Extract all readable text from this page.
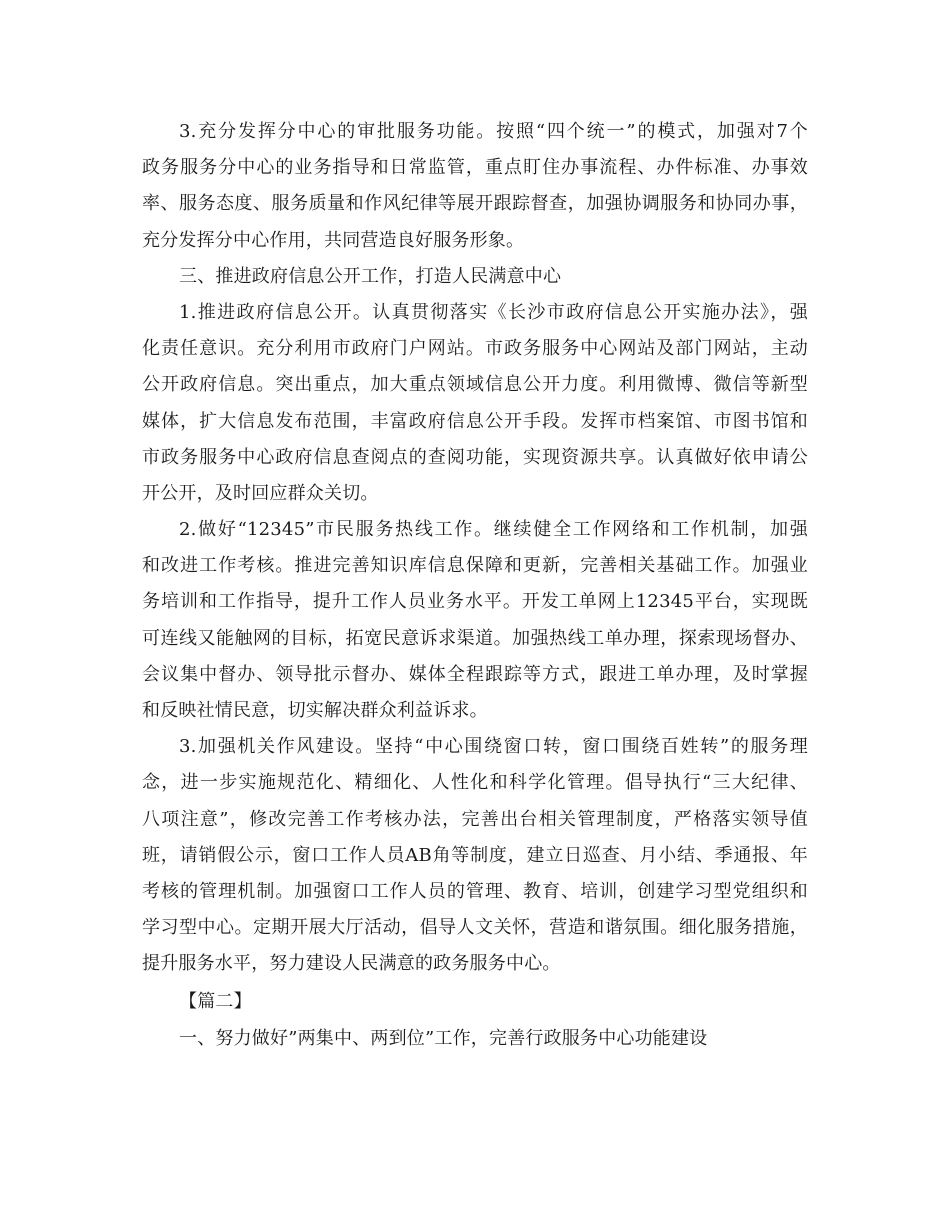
3.充分发挥分中心的审批服务功能。按照“四个统一”的模式，加强对7个
政务服务分中心的业务指导和日常监管，重点盯住办事流程、办件标准、办事效
率、服务态度、服务质量和作风纪律等展开跟踪督查，加强协调服务和协同办事，
充分发挥分中心作用，共同营造良好服务形象。
三、推进政府信息公开工作，打造人民满意中心
1.推进政府信息公开。认真贯彻落实《长沙市政府信息公开实施办法》，强
化责任意识。充分利用市政府门户网站。市政务服务中心网站及部门网站，主动
公开政府信息。突出重点，加大重点领域信息公开力度。利用微博、微信等新型
媒体，扩大信息发布范围，丰富政府信息公开手段。发挥市档案馆、市图书馆和
市政务服务中心政府信息查阅点的查阅功能，实现资源共享。认真做好依申请公
开公开，及时回应群众关切。
2.做好“12345”市民服务热线工作。继续健全工作网络和工作机制，加强
和改进工作考核。推进完善知识库信息保障和更新，完善相关基础工作。加强业
务培训和工作指导，提升工作人员业务水平。开发工单网上12345平台，实现既
可连线又能触网的目标，拓宽民意诉求渠道。加强热线工单办理，探索现场督办、
会议集中督办、领导批示督办、媒体全程跟踪等方式，跟进工单办理，及时掌握
和反映社情民意，切实解决群众利益诉求。
3.加强机关作风建设。坚持“中心围绕窗口转，窗口围绕百姓转”的服务理
念，进一步实施规范化、精细化、人性化和科学化管理。倡导执行“三大纪律、
八项注意”，修改完善工作考核办法，完善出台相关管理制度，严格落实领导值
班，请销假公示，窗口工作人员AB角等制度，建立日巡查、月小结、季通报、年
考核的管理机制。加强窗口工作人员的管理、教育、培训，创建学习型党组织和
学习型中心。定期开展大厅活动，倡导人文关怀，营造和谐氛围。细化服务措施，
提升服务水平，努力建设人民满意的政务服务中心。
【篇二】
一、努力做好”两集中、两到位”工作，完善行政服务中心功能建设
